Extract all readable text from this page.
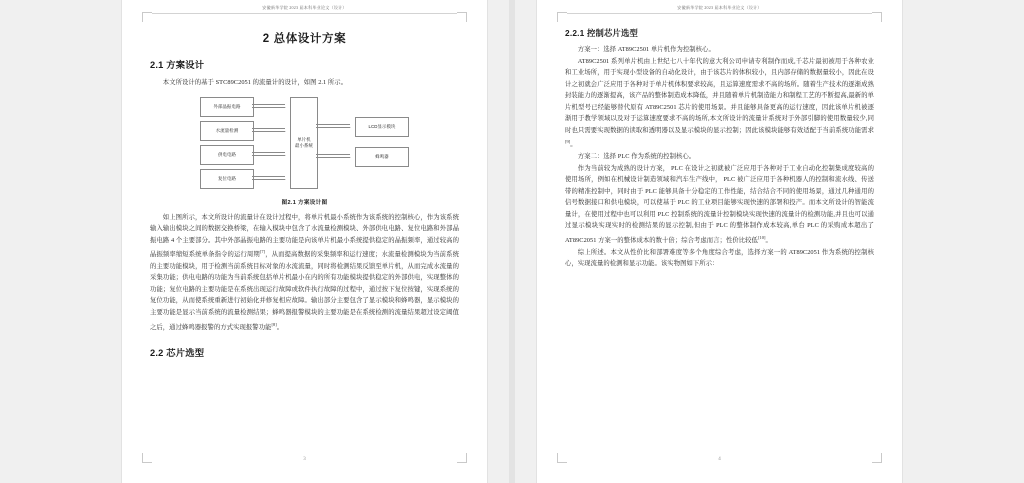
安徽新华学院 2023 届本科毕业论文（设计）
2 总体设计方案
2.1 方案设计

本文所设计的基于 STC89C2051 的流量计的设计，如图 2.1 所示。

外部晶振电路
水流量检测
供电电路
复位电路
单片机
最小系统
LCD显示模块
蜂鸣器
图2.1 方案设计图

如上图所示，本文所设计的流量计在设计过程中，将单片机最小系统作为该系统的控制核心，作为该系统输入输出模块之间的数据交换桥梁，在输入模块中包含了水流量检测模块、外部供电电路、复位电路和外部晶振电路 4 个主要部分。其中外部晶振电路的主要功能是向该单片机最小系统提供稳定的晶振频率，通过较高的晶振频率缩短系统单条指令的运行周期[7]，从而提高数据的采集频率和运行速度；水流量检测模块为当前系统的主要功能模块，用于检测当前系统目标对象的水流流量，同时将检测结果反馈至单片机，从而完成水流量的采集功能；供电电路的功能为当前系统包括单片机最小在内的所有功能模块提供稳定的外部供电，实现整体的功能；复位电路的主要功能是在系统出现运行故障或软件执行故障的过程中，通过按下复位按键，实现系统的复位功能，从而使系统重新进行初始化并修复相应故障。输出部分主要包含了显示模块和蜂鸣器，显示模块的主要功能是显示当前系统的流量检测结果；蜂鸣器报警模块的主要功能是在系统检测的流量结果超过设定阈值之后，通过蜂鸣器报警的方式实现报警功能[8]。

2.2 芯片选型
3
安徽新华学院 2023 届本科毕业论文（设计）
2.2.1 控制芯片选型

方案一：选择 AT89C2501 单片机作为控制核心。

AT89C2501 系列单片机由上世纪七八十年代的意大利公司申请专利制作而成,千芯片最初被用于各种农业和工业场所，用于实现小型设备的自动化设计，由于该芯片的体积较小，且内部存储的数据量较小，因此在设计之初就会广泛应用于各种对于单片机体积要求较高，且运算速度需求不高的场所。随着生产技术的逐渐成熟封装能力的逐渐提高，该产品的整体制造成本降低，并且随着单片机制造能力和制程工艺的不断提高,最新的单片机型号已经能够替代原有 AT89C2501 芯片的使用场景。并且能够具备更高的运行速度，因此该单片机被逐渐用于教学领域以及对于运算速度要求不高的场所,本文所设计的流量计系统对于外部引脚的使用数量较少,同时也只需要实现数据的读取和透明器以及显示模块的显示控制；因此该模块能够有效适配于当前系统功能需求[9]。

方案二：选择 PLC 作为系统的控制核心。

作为当前较为成熟的设计方案， PLC 在设计之初就被广泛应用于各种对于工业自动化控制集成度较高的使用场所，例如在机械设计制造领域和汽车生产线中， PLC 被广泛应用于各种机器人的控制和流水线、传送带的精准控制中，同时由于 PLC 能够具备十分稳定的工作性能，结合结合不同的使用场景，通过几种通用的信号数据接口和供电模块，可以使基于 PLC 的工业项目能够实现快速的部署和投产。而本文所设计的智能流量计，在使用过程中也可以利用 PLC 控制系统的流量计控制模块实现快速的流量计的检测功能,并且也可以通过显示模块实现实时的检测结果的显示控制,但由于 PLC 的整体制作成本较高,单台 PLC 的采购成本超出了 AT89C2051 方案一的整体成本的数十倍；综合考虑而言；性价比较低[10]。

综上所述。本文从性价比和部署难度等多个角度综合考虑，选择方案一的 AT89C2051 作为系统的控制核心，实现流量的检测和显示功能。该实物图如下所示：

4
